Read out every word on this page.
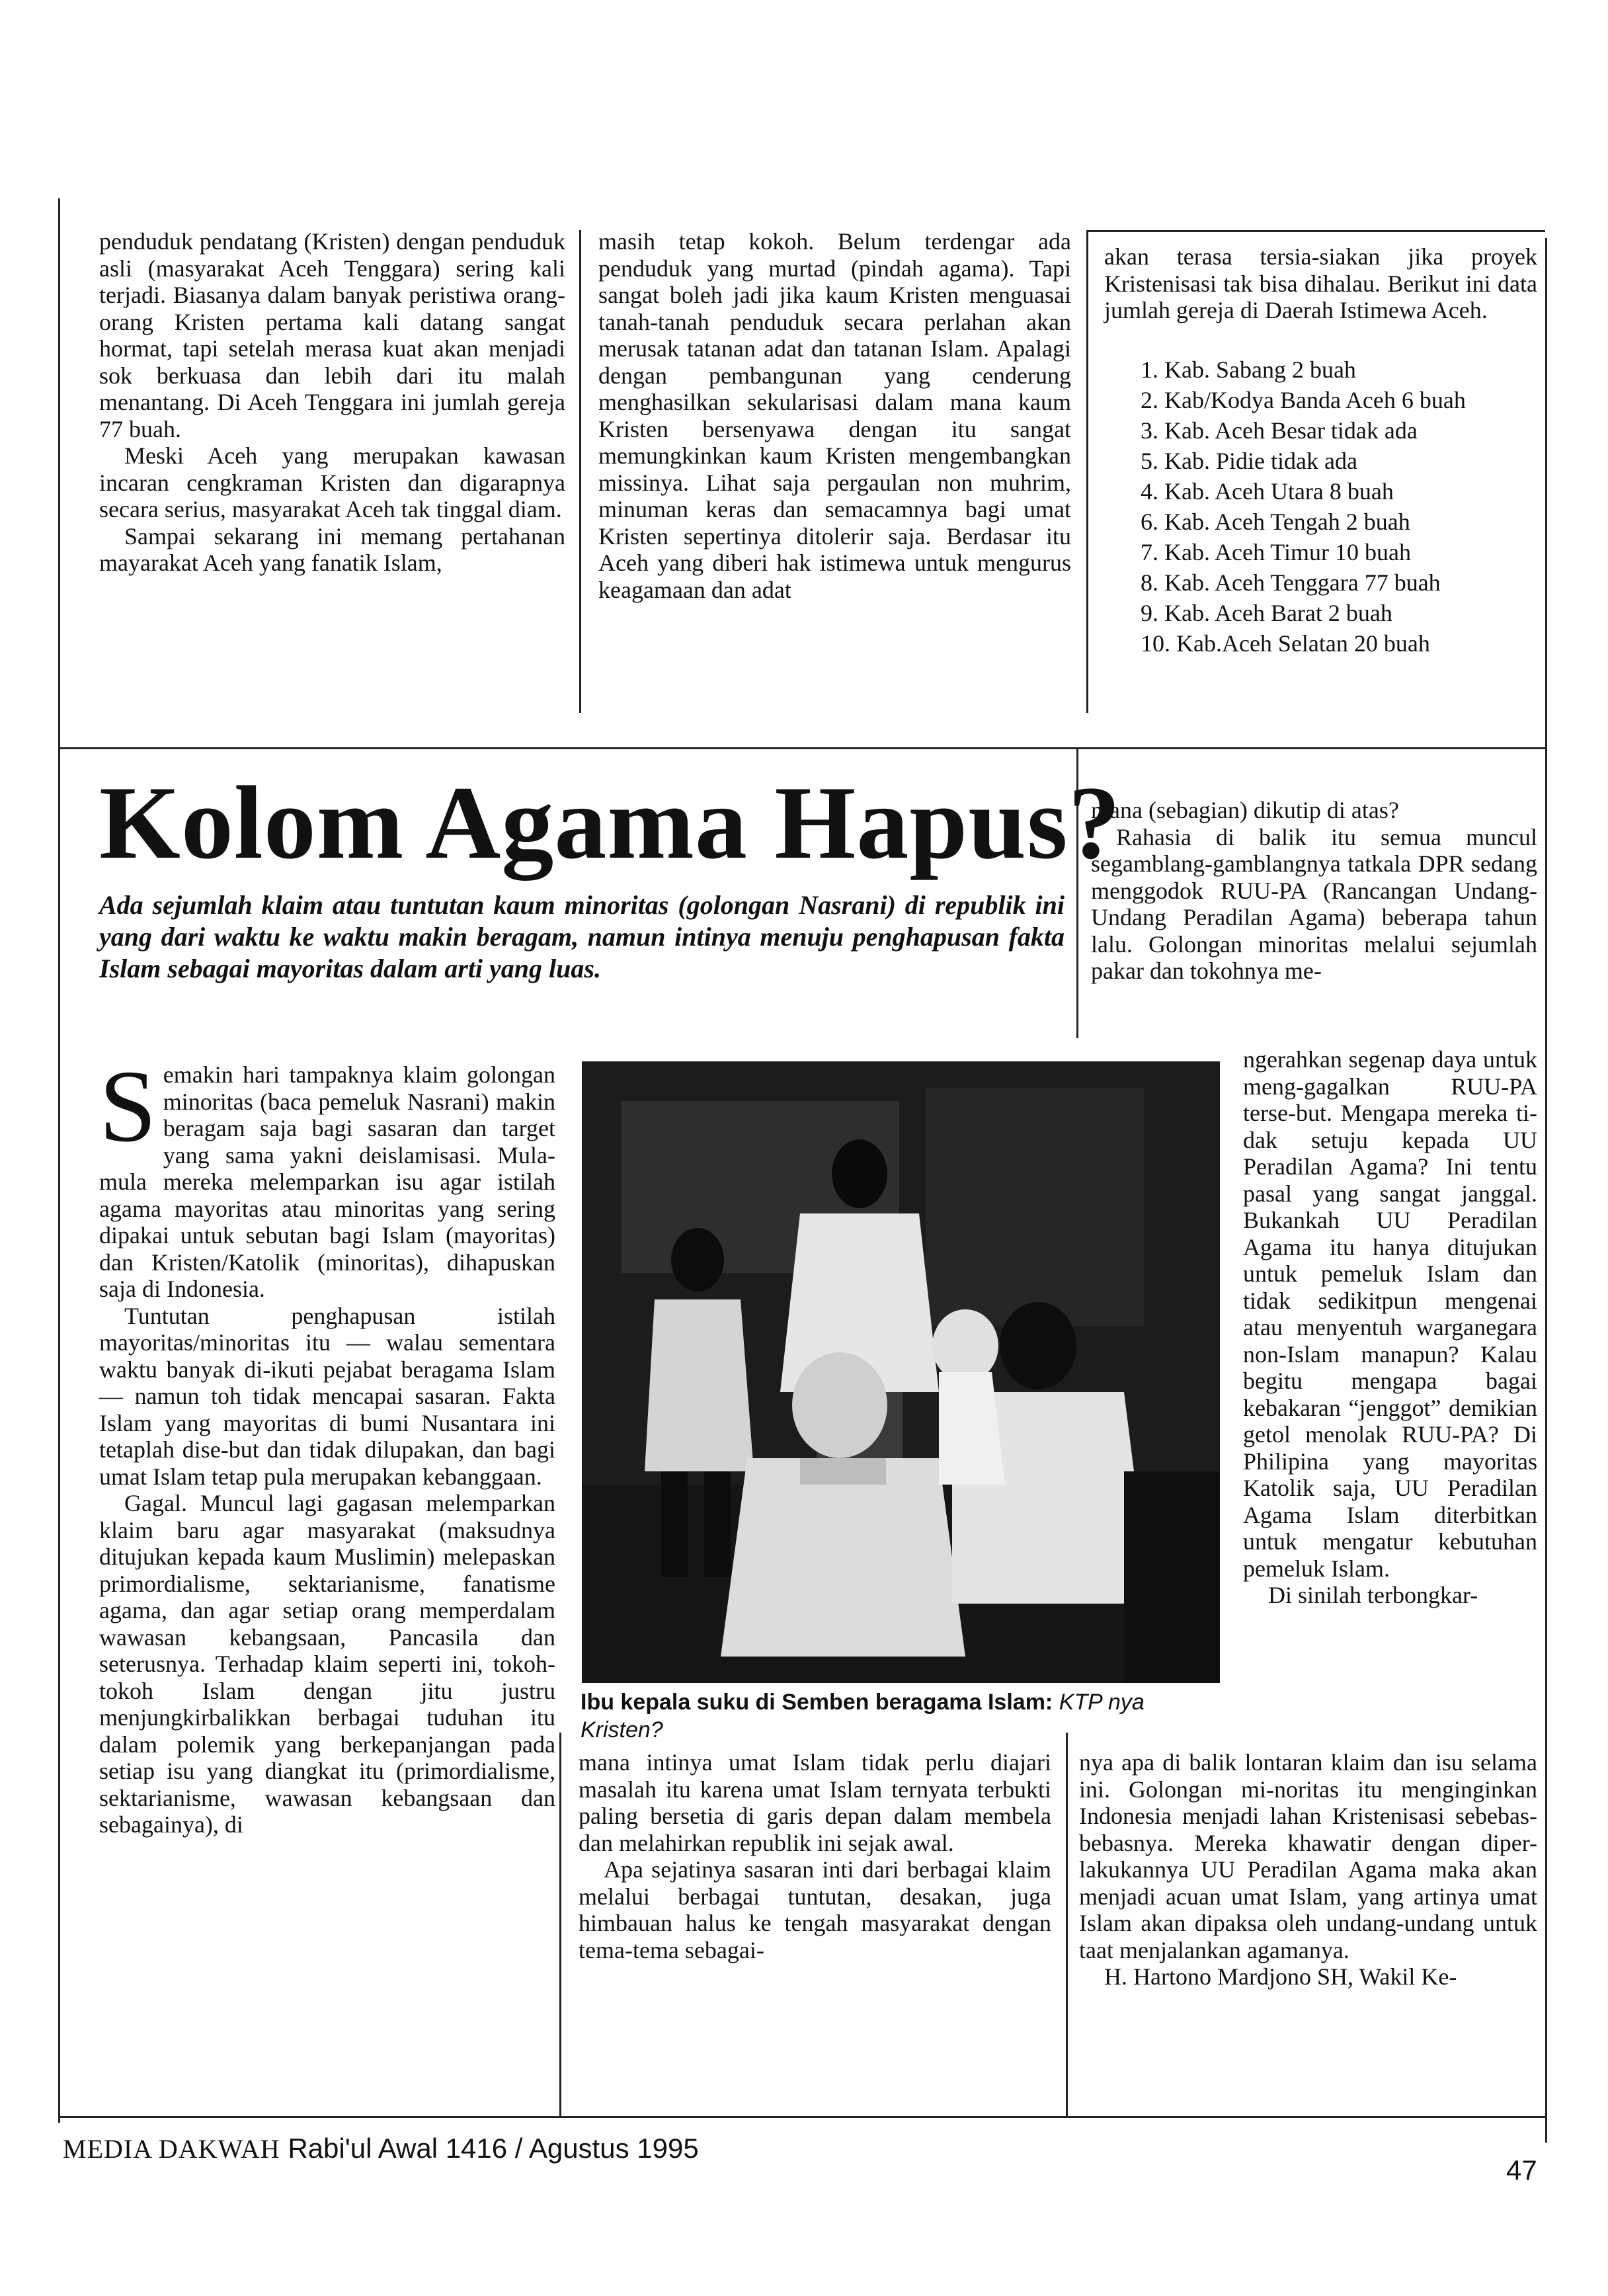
penduduk pendatang (Kristen) dengan penduduk asli (masyarakat Aceh Tenggara) sering kali terjadi. Biasanya dalam banyak peristiwa orang-orang Kristen pertama kali datang sangat hormat, tapi setelah merasa kuat akan menjadi sok berkuasa dan lebih dari itu malah menantang. Di Aceh Tenggara ini jumlah gereja 77 buah.

Meski Aceh yang merupakan kawasan incaran cengkraman Kristen dan digarapnya secara serius, masyarakat Aceh tak tinggal diam.

Sampai sekarang ini memang pertahanan mayarakat Aceh yang fanatik Islam,

masih tetap kokoh. Belum terdengar ada penduduk yang murtad (pindah agama). Tapi sangat boleh jadi jika kaum Kristen menguasai tanah-tanah penduduk secara perlahan akan merusak tatanan adat dan tatanan Islam. Apalagi dengan pembangunan yang cenderung menghasilkan sekularisasi dalam mana kaum Kristen bersenyawa dengan itu sangat memungkinkan kaum Kristen mengembangkan missinya. Lihat saja pergaulan non muhrim, minuman keras dan semacamnya bagi umat Kristen sepertinya ditolerir saja. Berdasar itu Aceh yang diberi hak istimewa untuk mengurus keagamaan dan adat

akan terasa tersia-siakan jika proyek Kristenisasi tak bisa dihalau. Berikut ini data jumlah gereja di Daerah Istimewa Aceh.

1. Kab. Sabang 2 buah
2. Kab/Kodya Banda Aceh 6 buah
3. Kab. Aceh Besar tidak ada
5. Kab. Pidie tidak ada
4. Kab. Aceh Utara 8 buah
6. Kab. Aceh Tengah 2 buah
7. Kab. Aceh Timur 10 buah
8. Kab. Aceh Tenggara 77 buah
9. Kab. Aceh Barat 2 buah
10. Kab.Aceh Selatan 20 buah
Kolom Agama Hapus?
Ada sejumlah klaim atau tuntutan kaum minoritas (golongan Nasrani) di republik ini yang dari waktu ke waktu makin beragam, namun intinya menuju penghapusan fakta Islam sebagai mayoritas dalam arti yang luas.

Semakin hari tampaknya klaim golongan minoritas (baca pemeluk Nasrani) makin beragam saja bagi sasaran dan target yang sama yakni deislamisasi. Mula-mula mereka melemparkan isu agar istilah agama mayoritas atau minoritas yang sering dipakai untuk sebutan bagi Islam (mayoritas) dan Kristen/Katolik (minoritas), dihapuskan saja di Indonesia.

Tuntutan penghapusan istilah mayoritas/minoritas itu — walau sementara waktu banyak di-ikuti pejabat beragama Islam — namun toh tidak mencapai sasaran. Fakta Islam yang mayoritas di bumi Nusantara ini tetaplah dise-but dan tidak dilupakan, dan bagi umat Islam tetap pula merupakan kebanggaan.

Gagal. Muncul lagi gagasan melemparkan klaim baru agar masyarakat (maksudnya ditujukan kepada kaum Muslimin) melepaskan primordialisme, sektarianisme, fanatisme agama, dan agar setiap orang memperdalam wawasan kebangsaan, Pancasila dan seterusnya. Terhadap klaim seperti ini, tokoh-tokoh Islam dengan jitu justru menjungkirbalikkan berbagai tuduhan itu dalam polemik yang berkepanjangan pada setiap isu yang diangkat itu (primordialisme, sektarianisme, wawasan kebangsaan dan sebagainya), di

Ibu kepala suku di Semben beragama Islam: KTP nya Kristen?

mana intinya umat Islam tidak perlu diajari masalah itu karena umat Islam ternyata terbukti paling bersetia di garis depan dalam membela dan melahirkan republik ini sejak awal.

Apa sejatinya sasaran inti dari berbagai klaim melalui berbagai tuntutan, desakan, juga himbauan halus ke tengah masyarakat dengan tema-tema sebagai-

mana (sebagian) dikutip di atas?

Rahasia di balik itu semua muncul segamblang-gamblangnya tatkala DPR sedang menggodok RUU-PA (Rancangan Undang-Undang Peradilan Agama) beberapa tahun lalu. Golongan minoritas melalui sejumlah pakar dan tokohnya me-

ngerahkan segenap daya untuk meng-gagalkan RUU-PA terse-but. Mengapa mereka ti-dak setuju kepada UU Peradilan Agama? Ini tentu pasal yang sangat janggal. Bukankah UU Peradilan Agama itu hanya ditujukan untuk pemeluk Islam dan tidak sedikitpun mengenai atau menyentuh warganegara non-Islam manapun? Kalau begitu mengapa bagai kebakaran “jenggot” demikian getol menolak RUU-PA? Di Philipina yang mayoritas Katolik saja, UU Peradilan Agama Islam diterbitkan untuk mengatur kebutuhan pemeluk Islam.

Di sinilah terbongkar-

nya apa di balik lontaran klaim dan isu selama ini. Golongan mi-noritas itu menginginkan Indonesia menjadi lahan Kristenisasi sebebas-bebasnya. Mereka khawatir dengan diper-lakukannya UU Peradilan Agama maka akan menjadi acuan umat Islam, yang artinya umat Islam akan dipaksa oleh undang-undang untuk taat menjalankan agamanya.

H. Hartono Mardjono SH, Wakil Ke-

MEDIA DAKWAH Rabi'ul Awal 1416 / Agustus 1995
47
